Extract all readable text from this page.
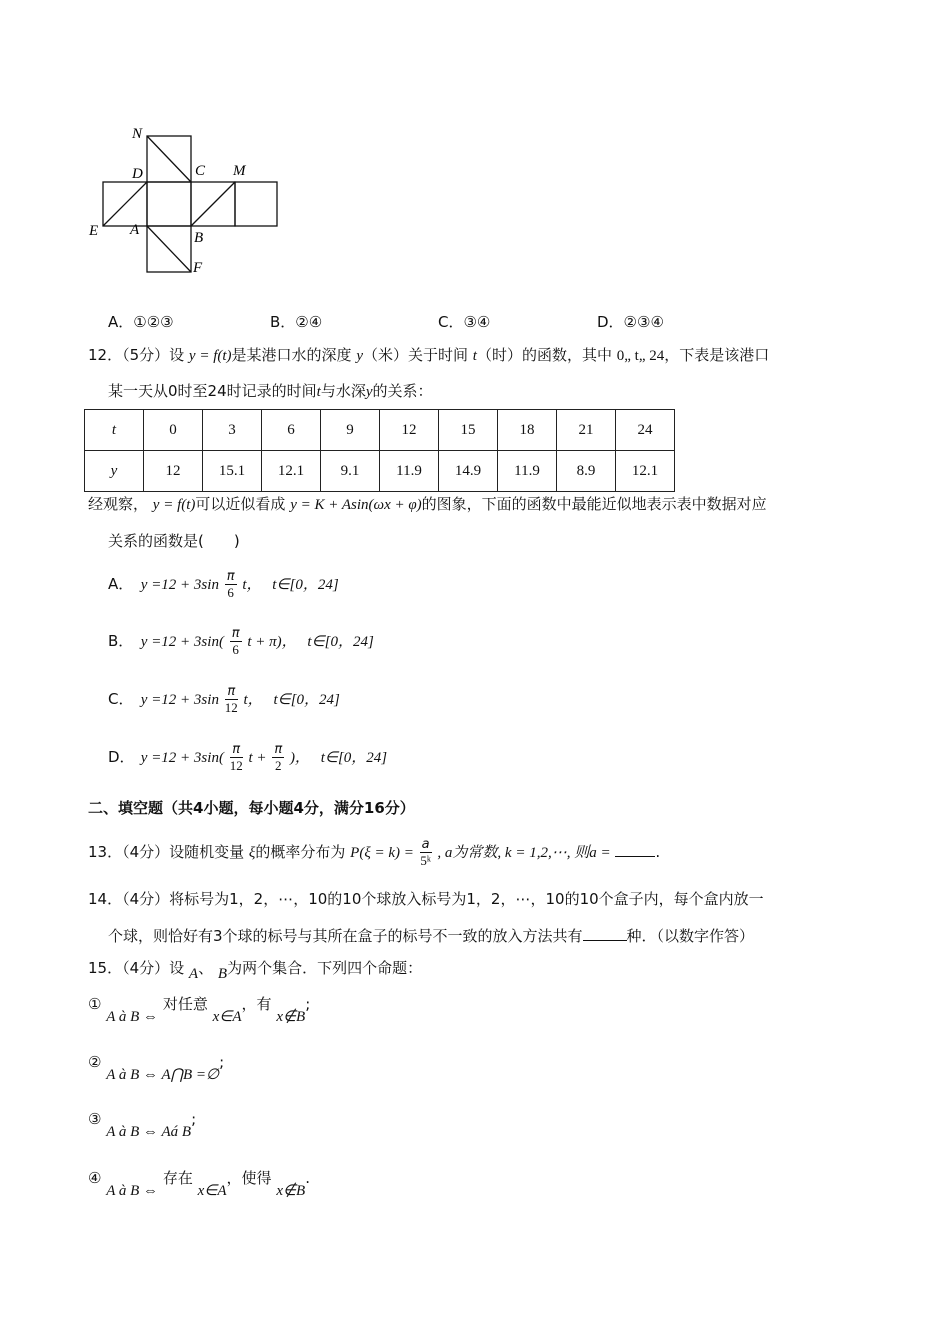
N
D	C M
E A	B
F
A．①②③	B．②④	C．③④	D．②③④
12．（5分）设 y = f(t)是某港口水的深度 y（米）关于时间 t（时）的函数，其中 0„ t„ 24，下表是该港口
某一天从0时至24时记录的时间t与水深y的关系：
t	0	3	6	9	12	15	18	21	24
y	12	15.1	12.1	9.1	11.9	14.9	11.9	8.9	12.1
经观察， y = f(t)可以近似看成 y = K + Asin(ωx + φ)的图象，下面的函数中最能近似地表示表中数据对应
关系的函数是(　　)
A． $y =12 + 3\sin \frac{\pi}{6}$ t， t∈[0，24]
B． $y =12 + 3\sin( \frac{\pi}{6}$ t + π)， t∈[0，24]
C． $y =12 + 3\sin \frac{\pi}{12}$ t， t∈[0，24]
D． $y =12 + 3\sin( \frac{\pi}{12}$ $t + \frac{\pi}{2}$ )， t∈[0，24]
二、填空题（共4小题，每小题4分，满分16分）
13．（4分）设随机变量 ξ的概率分布为 $P(\xi = k) = \frac{a}{\text{5ᵏ}}$ , a为常数, k = 1,2,⋯, 则a =	.
14．（4分）将标号为1，2，⋯，10的10个球放入标号为1，2，⋯，10的10个盒子内，每个盒内放一
个球，则恰好有3个球的标号与其所在盒子的标号不一致的放入方法共有	种．（以数字作答）
15．（4分）设 A、 B为两个集合．下列四个命题：
① A à B ⇔ 对任意 x∈A，有 x∉B;
② A à B ⇔ A⋂B =∅;
③ A à B ⇔ Aá B;
④ A à B ⇔ 存在 x∈A，使得 x∉B.
